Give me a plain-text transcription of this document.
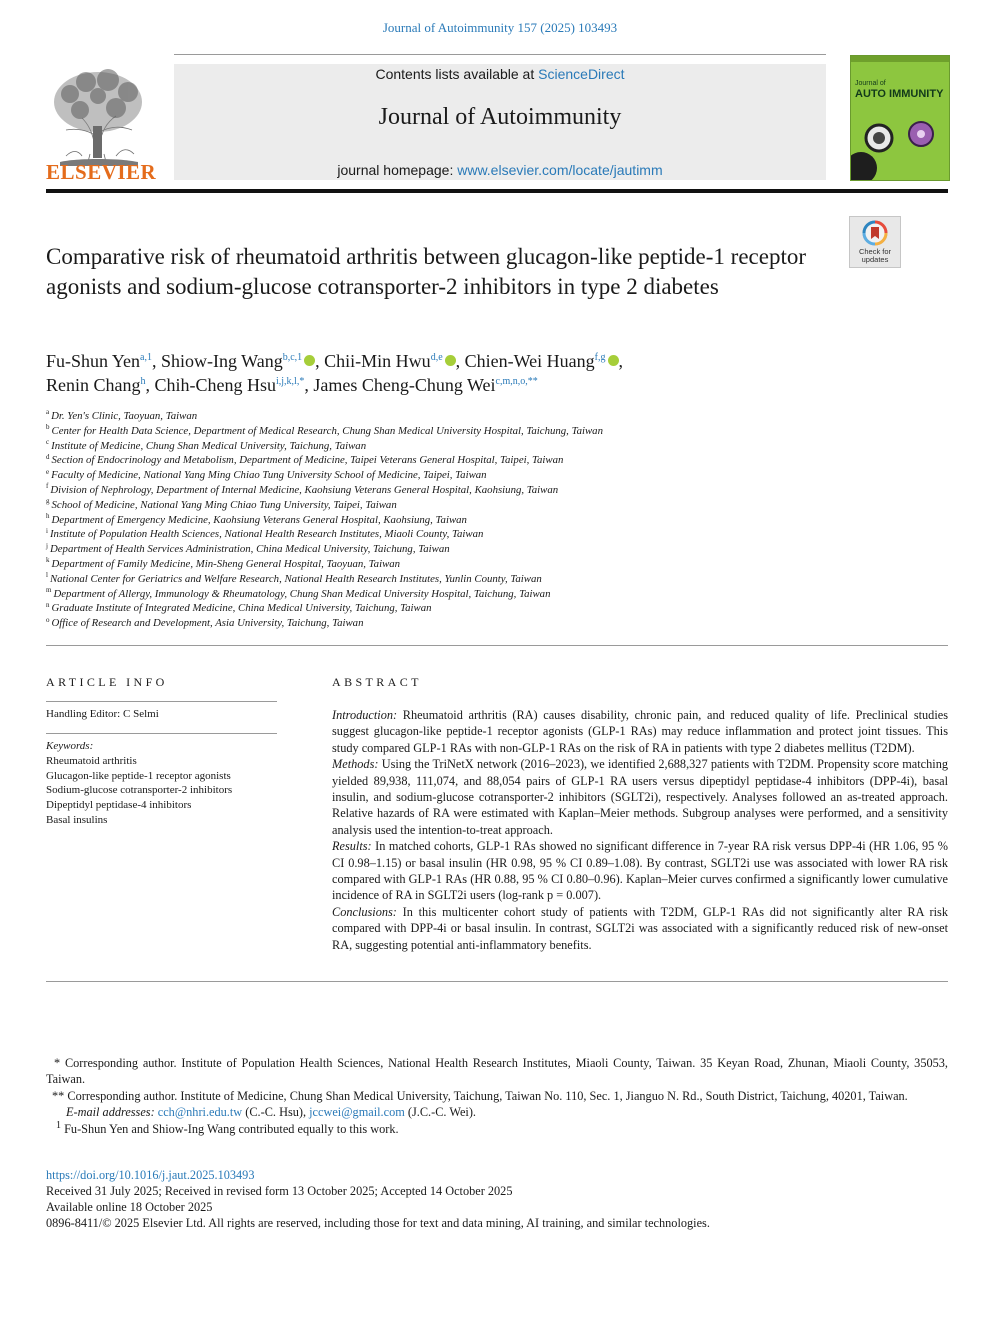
Journal of Autoimmunity 157 (2025) 103493
ELSEVIER
Contents lists available at ScienceDirect
Journal of Autoimmunity
journal homepage: www.elsevier.com/locate/jautimm
Journal of
AUTO IMMUNITY
Check for updates
Comparative risk of rheumatoid arthritis between glucagon-like peptide-1 receptor agonists and sodium-glucose cotransporter-2 inhibitors in type 2 diabetes
Fu-Shun Yen$^{a,1}$, Shiow-Ing Wang$^{b,c,1}$ , Chii-Min Hwu$^{d,e}$ , Chien-Wei Huang$^{f,g}$ ,
Renin Chang$^h$, Chih-Cheng Hsu$^{i,j,k,l,*}$, James Cheng-Chung Wei$^{c,m,n,o,**}$
$^a$ Dr. Yen's Clinic, Taoyuan, Taiwan
$^b$ Center for Health Data Science, Department of Medical Research, Chung Shan Medical University Hospital, Taichung, Taiwan
$^c$ Institute of Medicine, Chung Shan Medical University, Taichung, Taiwan
$^d$ Section of Endocrinology and Metabolism, Department of Medicine, Taipei Veterans General Hospital, Taipei, Taiwan
$^e$ Faculty of Medicine, National Yang Ming Chiao Tung University School of Medicine, Taipei, Taiwan
$^f$ Division of Nephrology, Department of Internal Medicine, Kaohsiung Veterans General Hospital, Kaohsiung, Taiwan
$^g$ School of Medicine, National Yang Ming Chiao Tung University, Taipei, Taiwan
$^h$ Department of Emergency Medicine, Kaohsiung Veterans General Hospital, Kaohsiung, Taiwan
$^i$ Institute of Population Health Sciences, National Health Research Institutes, Miaoli County, Taiwan
$^j$ Department of Health Services Administration, China Medical University, Taichung, Taiwan
$^k$ Department of Family Medicine, Min-Sheng General Hospital, Taoyuan, Taiwan
$^l$ National Center for Geriatrics and Welfare Research, National Health Research Institutes, Yunlin County, Taiwan
$^m$ Department of Allergy, Immunology & Rheumatology, Chung Shan Medical University Hospital, Taichung, Taiwan
$^n$ Graduate Institute of Integrated Medicine, China Medical University, Taichung, Taiwan
$^o$ Office of Research and Development, Asia University, Taichung, Taiwan
ARTICLE INFO
Handling Editor: C Selmi
Keywords:
Rheumatoid arthritis
Glucagon-like peptide-1 receptor agonists
Sodium-glucose cotransporter-2 inhibitors
Dipeptidyl peptidase-4 inhibitors
Basal insulins
ABSTRACT

Introduction: Rheumatoid arthritis (RA) causes disability, chronic pain, and reduced quality of life. Preclinical studies suggest glucagon-like peptide-1 receptor agonists (GLP-1 RAs) may reduce inflammation and protect joint tissues. This study compared GLP-1 RAs with non-GLP-1 RAs on the risk of RA in patients with type 2 diabetes mellitus (T2DM).

Methods: Using the TriNetX network (2016–2023), we identified 2,688,327 patients with T2DM. Propensity score matching yielded 89,938, 111,074, and 88,054 pairs of GLP-1 RA users versus dipeptidyl peptidase-4 inhibitors (DPP-4i), basal insulin, and sodium-glucose cotransporter-2 inhibitors (SGLT2i), respectively. Analyses followed an as-treated approach. Relative hazards of RA were estimated with Kaplan–Meier methods. Subgroup analyses were performed, and a sensitivity analysis used the intention-to-treat approach.

Results: In matched cohorts, GLP-1 RAs showed no significant difference in 7-year RA risk versus DPP-4i (HR 1.06, 95 % CI 0.98–1.15) or basal insulin (HR 0.98, 95 % CI 0.89–1.08). By contrast, SGLT2i use was associated with lower RA risk compared with GLP-1 RAs (HR 0.88, 95 % CI 0.80–0.96). Kaplan–Meier curves confirmed a significantly lower cumulative incidence of RA in SGLT2i users (log-rank p = 0.007).

Conclusions: In this multicenter cohort study of patients with T2DM, GLP-1 RAs did not significantly alter RA risk compared with DPP-4i or basal insulin. In contrast, SGLT2i was associated with a significantly reduced risk of new-onset RA, suggesting potential anti-inflammatory benefits.

* Corresponding author. Institute of Population Health Sciences, National Health Research Institutes, Miaoli County, Taiwan. 35 Keyan Road, Zhunan, Miaoli County, 35053, Taiwan.

** Corresponding author. Institute of Medicine, Chung Shan Medical University, Taichung, Taiwan No. 110, Sec. 1, Jianguo N. Rd., South District, Taichung, 40201, Taiwan.

E-mail addresses: cch@nhri.edu.tw (C.-C. Hsu), jccwei@gmail.com (J.C.-C. Wei).

$^1$ Fu-Shun Yen and Shiow-Ing Wang contributed equally to this work.

https://doi.org/10.1016/j.jaut.2025.103493

Received 31 July 2025; Received in revised form 13 October 2025; Accepted 14 October 2025

Available online 18 October 2025

0896-8411/© 2025 Elsevier Ltd. All rights are reserved, including those for text and data mining, AI training, and similar technologies.
